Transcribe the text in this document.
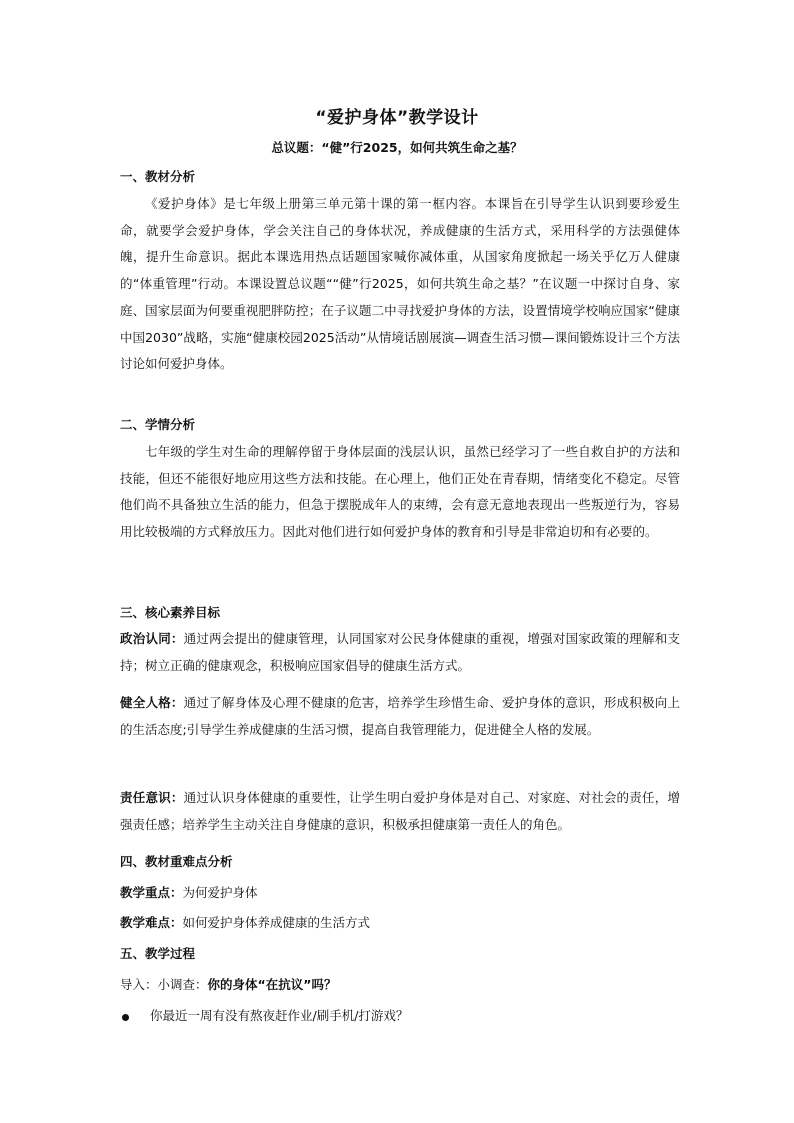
“爱护身体”教学设计
总议题：“健”行2025，如何共筑生命之基？
一、教材分析
《爱护身体》是七年级上册第三单元第十课的第一框内容。本课旨在引导学生认识到要珍爱生命，就要学会爱护身体，学会关注自己的身体状况，养成健康的生活方式，采用科学的方法强健体魄，提升生命意识。据此本课选用热点话题国家喊你减体重，从国家角度掀起一场关乎亿万人健康的“体重管理”行动。本课设置总议题““健”行2025，如何共筑生命之基？”在议题一中探讨自身、家庭、国家层面为何要重视肥胖防控；在子议题二中寻找爱护身体的方法，设置情境学校响应国家“健康中国2030”战略，实施“健康校园2025活动”从情境话剧展演—调查生活习惯—课间锻炼设计三个方法讨论如何爱护身体。
二、学情分析
七年级的学生对生命的理解停留于身体层面的浅层认识，虽然已经学习了一些自救自护的方法和技能，但还不能很好地应用这些方法和技能。在心理上，他们正处在青春期，情绪变化不稳定。尽管他们尚不具备独立生活的能力，但急于摆脱成年人的束缚，会有意无意地表现出一些叛逆行为，容易用比较极端的方式释放压力。因此对他们进行如何爱护身体的教育和引导是非常迫切和有必要的。
三、核心素养目标
政治认同：通过两会提出的健康管理，认同国家对公民身体健康的重视，增强对国家政策的理解和支持；树立正确的健康观念，积极响应国家倡导的健康生活方式。
健全人格：通过了解身体及心理不健康的危害，培养学生珍惜生命、爱护身体的意识，形成积极向上的生活态度;引导学生养成健康的生活习惯，提高自我管理能力，促进健全人格的发展。
责任意识：通过认识身体健康的重要性，让学生明白爱护身体是对自己、对家庭、对社会的责任，增强责任感；培养学生主动关注自身健康的意识，积极承担健康第一责任人的角色。
四、教材重难点分析
教学重点：为何爱护身体
教学难点：如何爱护身体养成健康的生活方式
五、教学过程
导入：小调查：你的身体“在抗议”吗？
你最近一周有没有熬夜赶作业/刷手机/打游戏？
